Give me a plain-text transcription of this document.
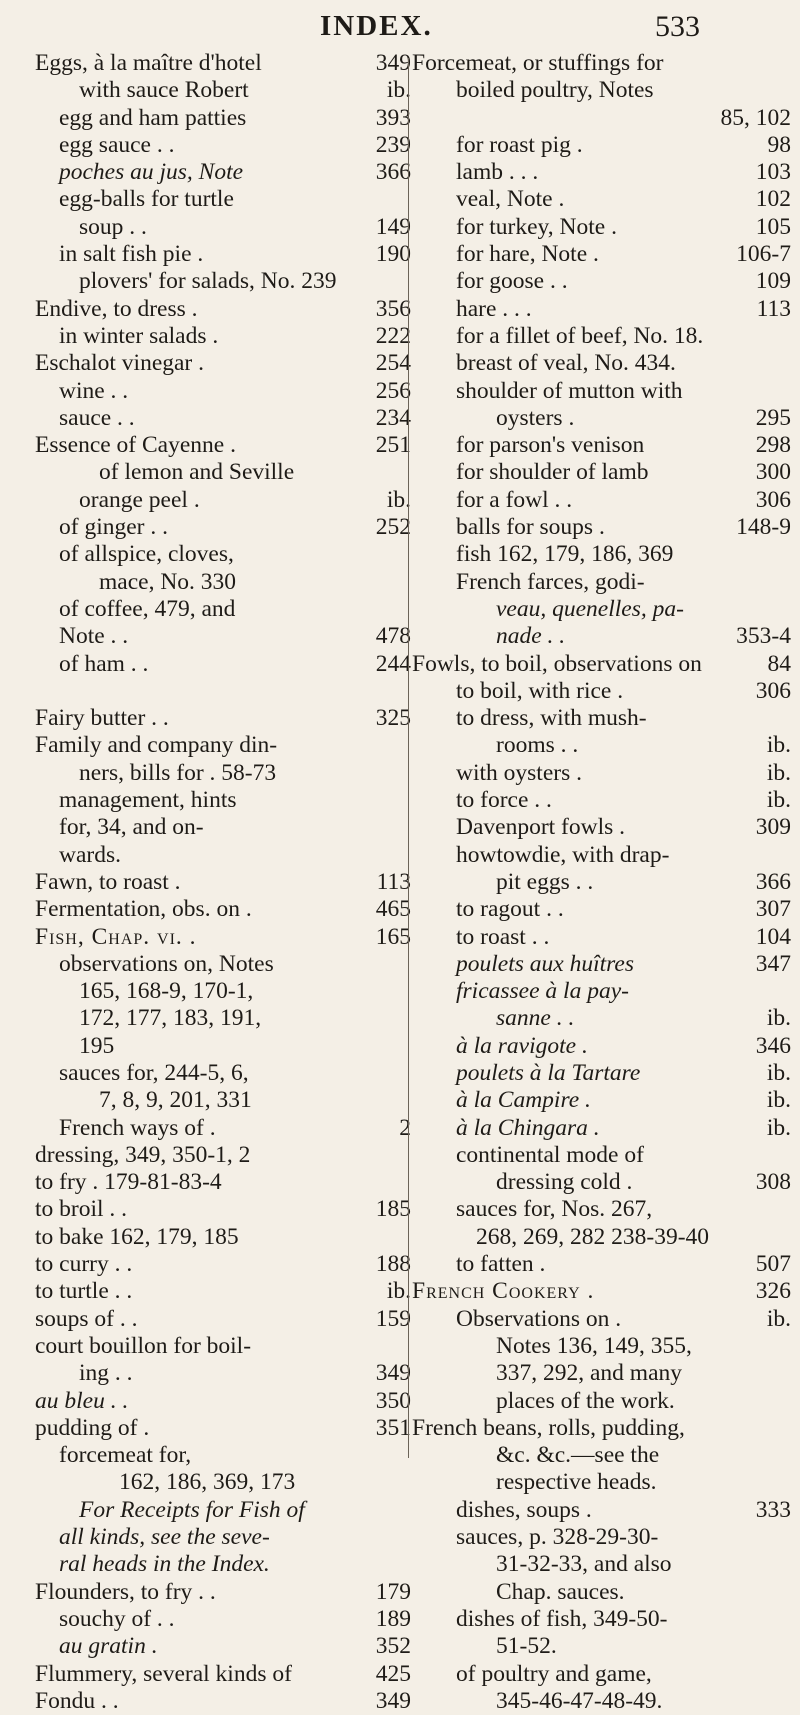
INDEX.	533
Eggs, à la maître d'hotel	349
with sauce Robert	ib.
egg and ham patties	393
egg sauce . .	239
poches au jus, Note	366
egg-balls for turtle
soup . .	149
in salt fish pie .	190
plovers' for salads, No. 239
Endive, to dress .	356
in winter salads .	222
Eschalot vinegar .	254
wine . .	256
sauce . .	234
Essence of Cayenne .	251
of lemon and Seville
orange peel .	ib.
of ginger . .	252
of allspice, cloves,
mace, No. 330
of coffee, 479, and
Note . .	478
of ham . .	244
Fairy butter . .	325
Family and company din-
ners, bills for . 58-73
management, hints
for, 34, and on-
wards.
Fawn, to roast .	113
Fermentation, obs. on .	465
Fish, Chap. vi. .	165
observations on, Notes
165, 168-9, 170-1,
172, 177, 183, 191,
195
sauces for, 244-5, 6,
7, 8, 9, 201, 331
French ways of .	2
dressing, 349, 350-1, 2
to fry . 179-81-83-4
to broil . .	185
to bake 162, 179, 185
to curry . .	188
to turtle . .	ib.
soups of . .	159
court bouillon for boil-
ing . .	349
au bleu . .	350
pudding of .	351
forcemeat for,
162, 186, 369, 173
For Receipts for Fish of
all kinds, see the seve-
ral heads in the Index.
Flounders, to fry . .	179
souchy of . .	189
au gratin .	352
Flummery, several kinds of	425
Fondu . .	349
Forcemeat, or stuffings for
boiled poultry, Notes
85, 102
for roast pig .	98
lamb . . .	103
veal, Note .	102
for turkey, Note .	105
for hare, Note .	106-7
for goose . .	109
hare . . .	113
for a fillet of beef, No. 18.
breast of veal, No. 434.
shoulder of mutton with
oysters .	295
for parson's venison	298
for shoulder of lamb	300
for a fowl . .	306
balls for soups .	148-9
fish 162, 179, 186, 369
French farces, godi-
veau, quenelles, pa-
nade . .	353-4
Fowls, to boil, observations on	84
to boil, with rice .	306
to dress, with mush-
rooms . .	ib.
with oysters .	ib.
to force . .	ib.
Davenport fowls .	309
howtowdie, with drap-
pit eggs . .	366
to ragout . .	307
to roast . .	104
poulets aux huîtres	347
fricassee à la pay-
sanne . .	ib.
à la ravigote .	346
poulets à la Tartare	ib.
à la Campire .	ib.
à la Chingara .	ib.
continental mode of
dressing cold .	308
sauces for, Nos. 267,
268, 269, 282 238-39-40
to fatten .	507
French Cookery .	326
Observations on .	ib.
Notes 136, 149, 355,
337, 292, and many
places of the work.
French beans, rolls, pudding,
&c. &c.—see the
respective heads.
dishes, soups .	333
sauces, p. 328-29-30-
31-32-33, and also
Chap. sauces.
dishes of fish, 349-50-
51-52.
of poultry and game,
345-46-47-48-49.
